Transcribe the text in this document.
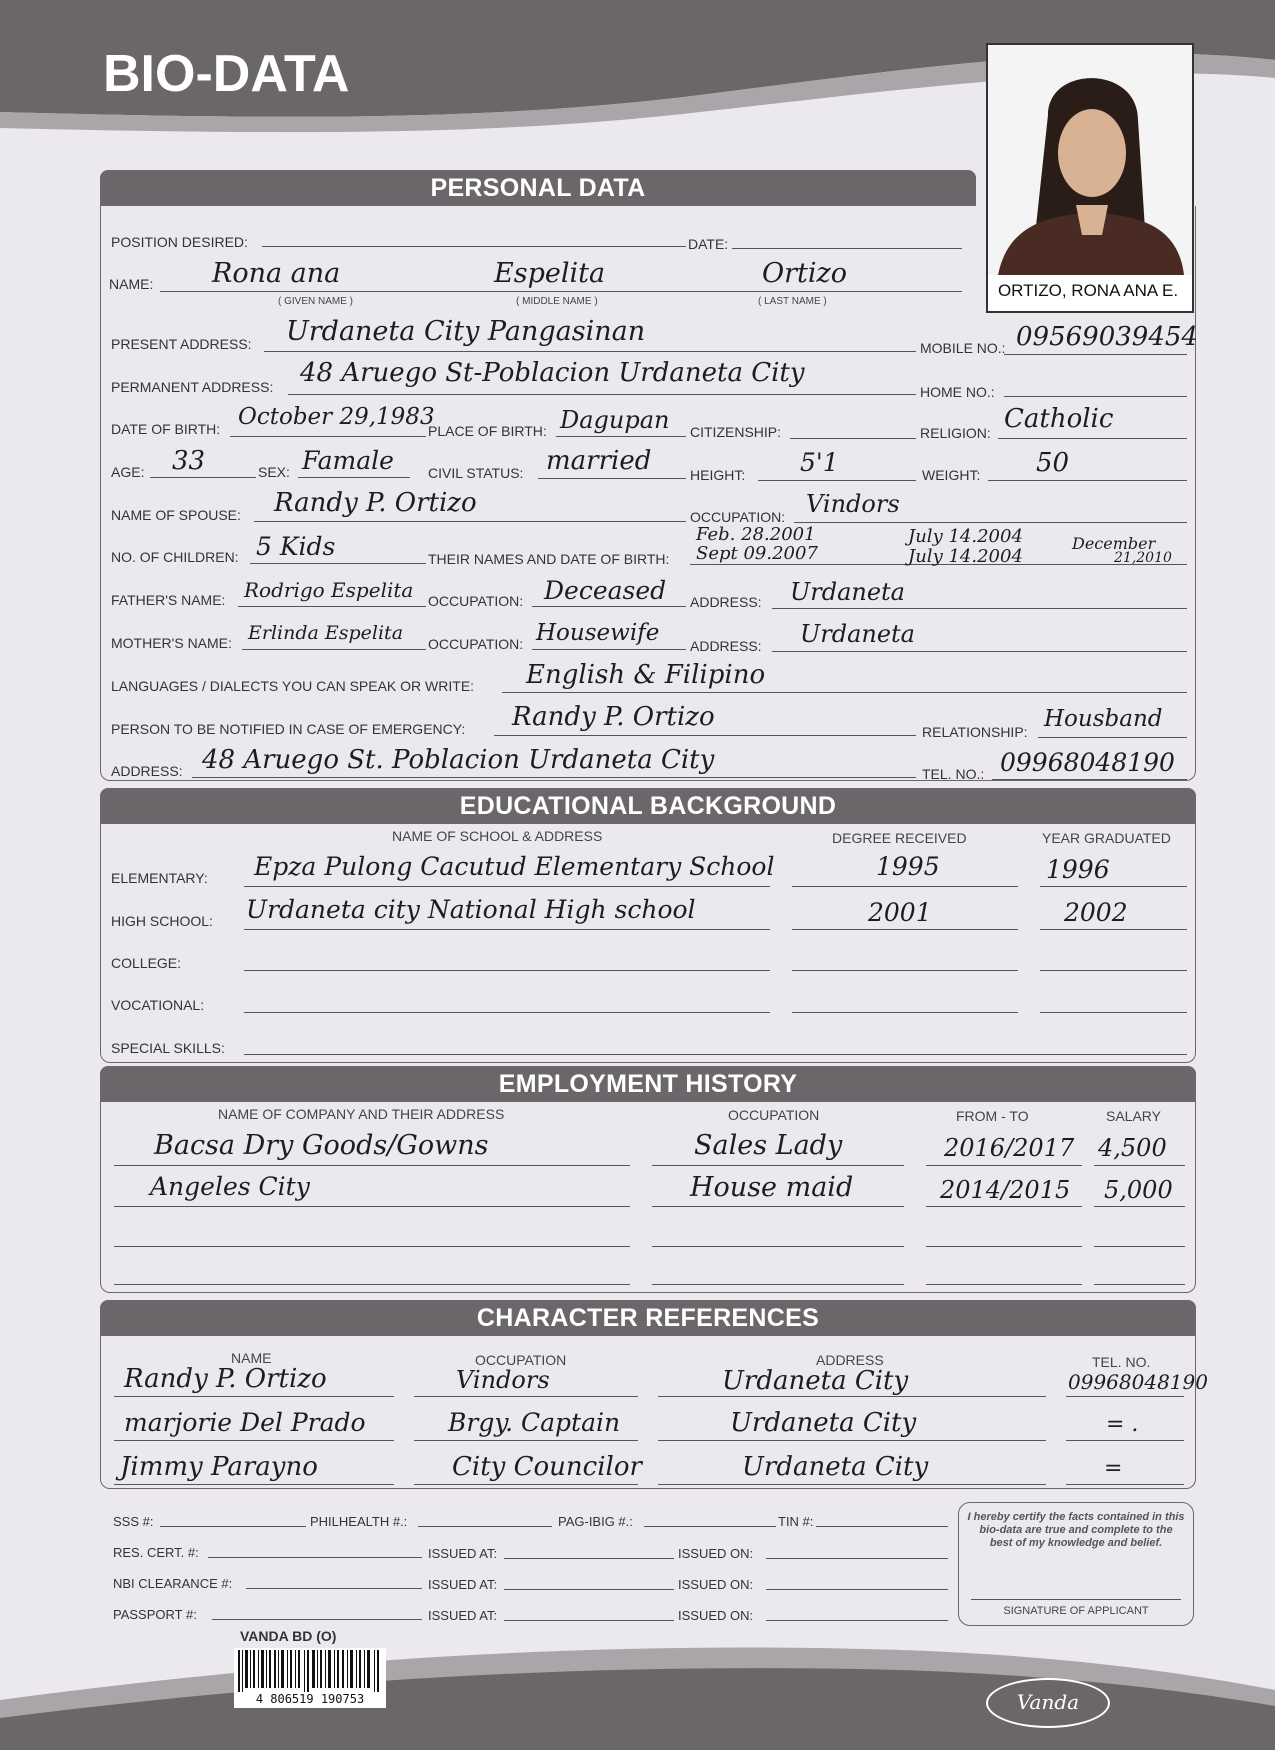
BIO-DATA
ORTIZO, RONA ANA E.
PERSONAL DATA
POSITION DESIRED:	DATE:
NAME: Rona ana	Espelita	Ortizo
( GIVEN NAME )	( MIDDLE NAME )	( LAST NAME )
PRESENT ADDRESS: Urdaneta City Pangasinan
MOBILE NO.: 09569039454
PERMANENT ADDRESS: 48 Aruego St-Poblacion Urdaneta City
HOME NO.:
DATE OF BIRTH: October 29,1983
PLACE OF BIRTH: Dagupan CITIZENSHIP:	RELIGION: Catholic
AGE: 33	SEX: Famale CIVIL STATUS: married	HEIGHT: 5'1	WEIGHT: 50
NAME OF SPOUSE: Randy P. Ortizo	OCCUPATION: Vindors
NO. OF CHILDREN: 5 Kids	THEIR NAMES AND DATE OF BIRTH:
Feb. 28.2001
Sept 09.2007
July 14.2004
July 14.2004
December
21,2010
FATHER'S NAME: Rodrigo Espelita OCCUPATION: Deceased ADDRESS: Urdaneta
MOTHER'S NAME: Erlinda Espelita OCCUPATION: Housewife ADDRESS: Urdaneta
LANGUAGES / DIALECTS YOU CAN SPEAK OR WRITE: English & Filipino
PERSON TO BE NOTIFIED IN CASE OF EMERGENCY: Randy P. Ortizo	RELATIONSHIP: Housband
ADDRESS: 48 Aruego St. Poblacion Urdaneta City	TEL. NO.: 09968048190
EDUCATIONAL BACKGROUND
NAME OF SCHOOL & ADDRESS	DEGREE RECEIVED	YEAR GRADUATED
ELEMENTARY: Epza Pulong Cacutud Elementary School	1995	1996
HIGH SCHOOL: Urdaneta city National High school	2001	2002
COLLEGE:
VOCATIONAL:
SPECIAL SKILLS:
EMPLOYMENT HISTORY
NAME OF COMPANY AND THEIR ADDRESS	OCCUPATION	FROM - TO	SALARY
Bacsa Dry Goods/Gowns	Sales Lady	2016/2017 4,500
Angeles City	House maid	2014/2015 5,000
CHARACTER REFERENCES
NAME	OCCUPATION	ADDRESS	TEL. NO.
Randy P. Ortizo	Vindors	Urdaneta City	09968048190
marjorie Del Prado	Brgy. Captain	Urdaneta City	= .
Jimmy Parayno	City Councilor	Urdaneta City	=
SSS #:	PHILHEALTH #.:	PAG-IBIG #.:	TIN #:
RES. CERT. #:	ISSUED AT:	ISSUED ON:
NBI CLEARANCE #:	ISSUED AT:	ISSUED ON:
PASSPORT #:	ISSUED AT:	ISSUED ON:
I hereby certify the facts contained in this bio-data are true and complete to the best of my knowledge and belief.
SIGNATURE OF APPLICANT
VANDA BD (O)
4 806519 190753	Vanda
